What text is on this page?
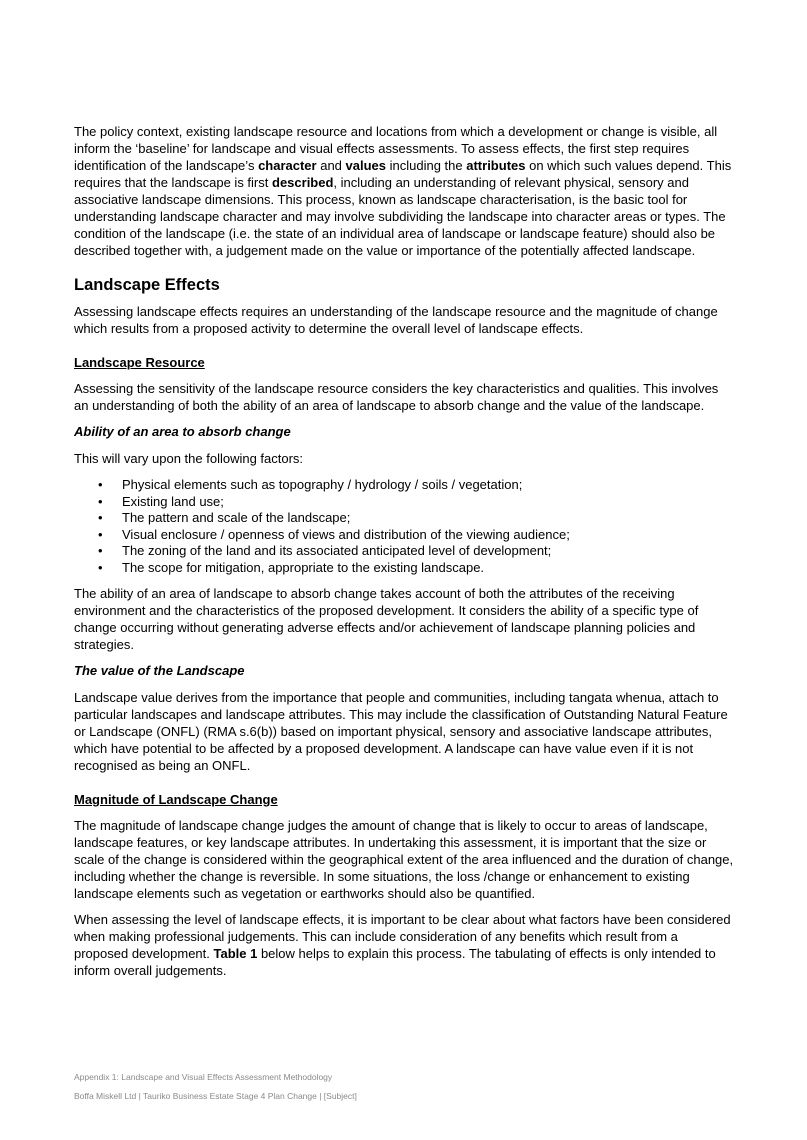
The policy context, existing landscape resource and locations from which a development or change is visible, all inform the ‘baseline’ for landscape and visual effects assessments. To assess effects, the first step requires identification of the landscape’s character and values including the attributes on which such values depend. This requires that the landscape is first described, including an understanding of relevant physical, sensory and associative landscape dimensions. This process, known as landscape characterisation, is the basic tool for understanding landscape character and may involve subdividing the landscape into character areas or types. The condition of the landscape (i.e. the state of an individual area of landscape or landscape feature) should also be described together with, a judgement made on the value or importance of the potentially affected landscape.

Landscape Effects

Assessing landscape effects requires an understanding of the landscape resource and the magnitude of change which results from a proposed activity to determine the overall level of landscape effects.

Landscape Resource

Assessing the sensitivity of the landscape resource considers the key characteristics and qualities. This involves an understanding of both the ability of an area of landscape to absorb change and the value of the landscape.

Ability of an area to absorb change

This will vary upon the following factors:

• Physical elements such as topography / hydrology / soils / vegetation;
• Existing land use;
• The pattern and scale of the landscape;
• Visual enclosure / openness of views and distribution of the viewing audience;
• The zoning of the land and its associated anticipated level of development;
• The scope for mitigation, appropriate to the existing landscape.

The ability of an area of landscape to absorb change takes account of both the attributes of the receiving environment and the characteristics of the proposed development. It considers the ability of a specific type of change occurring without generating adverse effects and/or achievement of landscape planning policies and strategies.

The value of the Landscape

Landscape value derives from the importance that people and communities, including tangata whenua, attach to particular landscapes and landscape attributes. This may include the classification of Outstanding Natural Feature or Landscape (ONFL) (RMA s.6(b)) based on important physical, sensory and associative landscape attributes, which have potential to be affected by a proposed development. A landscape can have value even if it is not recognised as being an ONFL.

Magnitude of Landscape Change

The magnitude of landscape change judges the amount of change that is likely to occur to areas of landscape, landscape features, or key landscape attributes. In undertaking this assessment, it is important that the size or scale of the change is considered within the geographical extent of the area influenced and the duration of change, including whether the change is reversible. In some situations, the loss /change or enhancement to existing landscape elements such as vegetation or earthworks should also be quantified.

When assessing the level of landscape effects, it is important to be clear about what factors have been considered when making professional judgements. This can include consideration of any benefits which result from a proposed development. Table 1 below helps to explain this process. The tabulating of effects is only intended to inform overall judgements.

Appendix 1: Landscape and Visual Effects Assessment Methodology
Boffa Miskell Ltd | Tauriko Business Estate Stage 4 Plan Change | [Subject]
